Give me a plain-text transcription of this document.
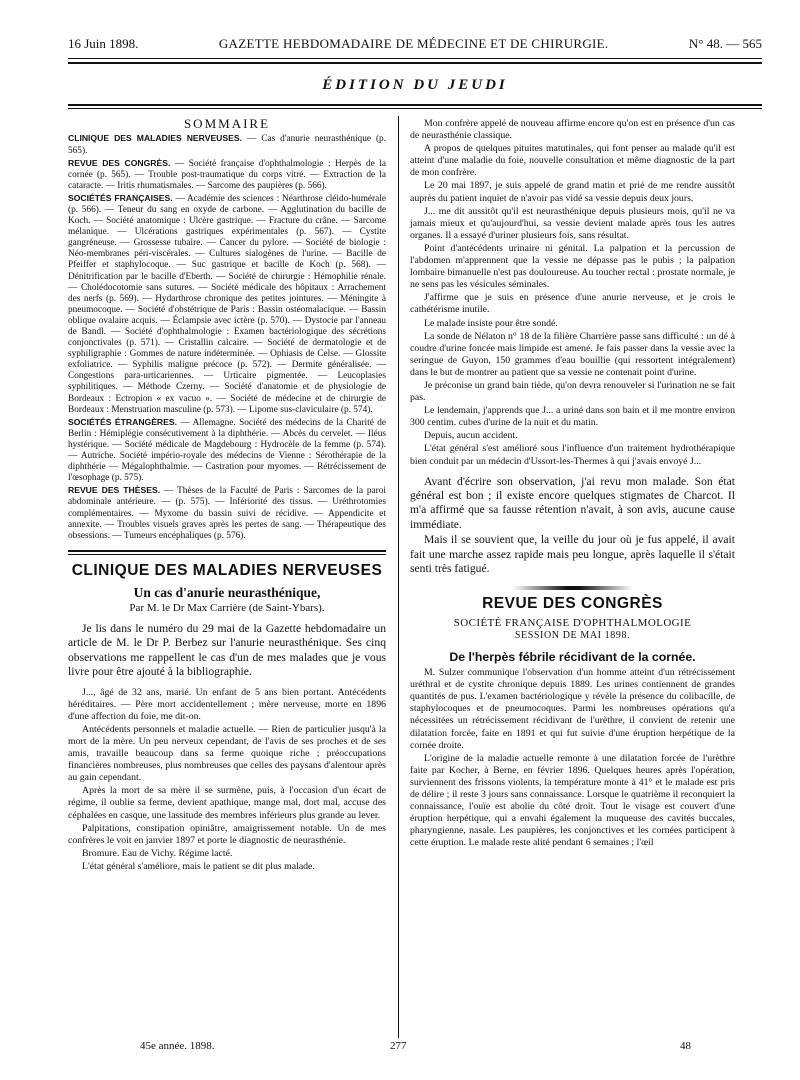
16 Juin 1898.	GAZETTE HEBDOMADAIRE DE MÉDECINE ET DE CHIRURGIE.	N° 48. — 565
ÉDITION DU JEUDI
SOMMAIRE
CLINIQUE DES MALADIES NERVEUSES. — Cas d'anurie neurasthénique (p. 565).
REVUE DES CONGRÈS. — Société française d'ophthalmologie : Herpès de la cornée (p. 565). — Trouble post-traumatique du corps vitré. — Extraction de la cataracte. — Iritis rhumatismales. — Sarcome des paupières (p. 566).
SOCIÉTÉS FRANÇAISES. — Académie des sciences : Néarthrose cléido-humérale (p. 566). — Teneur du sang en oxyde de carbone. — Agglutination du bacille de Koch. — Société anatomique : Ulcère gastrique. — Fracture du crâne. — Sarcome mélanique. — Ulcérations gastriques expérimentales (p. 567). — Cystite gangréneuse. — Grossesse tubaire. — Cancer du pylore. — Société de biologie : Néo-membranes péri-viscérales. — Cultures sialogènes de l'urine. — Bacille de Pfeiffer et staphylocoque. — Suc gastrique et bacille de Koch (p. 568). — Dénitrification par le bacille d'Eberth. — Société de chirurgie : Hémophilie rénale. — Cholédocotomie sans sutures. — Société médicale des hôpitaux : Arrachement des nerfs (p. 569). — Hydarthrose chronique des petites jointures. — Méningite à pneumocoque. — Société d'obstétrique de Paris : Bassin ostéomalacique. — Bassin oblique ovalaire acquis. — Éclampsie avec ictère (p. 570). — Dystocie par l'anneau de Bandl. — Société d'ophthalmologie : Examen bactériologique des sécrétions conjonctivales (p. 571). — Cristallin calcaire. — Société de dermatologie et de syphiligraphie : Gommes de nature indéterminée. — Ophiasis de Celse. — Glossite exfoliatrice. — Syphilis maligne précoce (p. 572). — Dermite généralisée. — Congestions para-urticariennes. — Urticaire pigmentée. — Leucoplasies syphilitiques. — Méthode Czerny. — Société d'anatomie et de physiologie de Bordeaux : Ectropion « ex vacuo ». — Société de médecine et de chirurgie de Bordeaux : Menstruation masculine (p. 573). — Lipome sus-claviculaire (p. 574).
SOCIÉTÉS ÉTRANGÈRES. — Allemagne. Société des médecins de la Charité de Berlin : Hémiplégie consécutivement à la diphthérie. — Abcès du cervelet. — Iléus hystérique. — Société médicale de Magdebourg : Hydrocèle de la femme (p. 574). — Autriche. Société império-royale des médecins de Vienne : Sérothérapie de la diphthérie — Mégalophthalmie. — Castration pour myomes. — Rétrécissement de l'œsophage (p. 575).
REVUE DES THÈSES. — Thèses de la Faculté de Paris : Sarcomes de la paroi abdominale antérieure. — (p. 575). — Infériorité des tissus. — Uréthrotomies complémentaires. — Myxome du bassin suivi de récidive. — Appendicite et annexite. — Troubles visuels graves après les pertes de sang. — Thérapeutique des obsessions. — Tumeurs encéphaliques (p. 576).
CLINIQUE DES MALADIES NERVEUSES
Un cas d'anurie neurasthénique,
Par M. le Dr Max Carrière (de Saint-Ybars).

Je lis dans le numéro du 29 mai de la Gazette hebdomadaire un article de M. le Dr P. Berbez sur l'anurie neurasthénique. Ses cinq observations me rappellent le cas d'un de mes malades que je vous livre pour être ajouté à la bibliographie.

J..., âgé de 32 ans, marié. Un enfant de 5 ans bien portant. Antécédents héréditaires. — Père mort accidentellement ; mère nerveuse, morte en 1896 d'une affection du foie, me dit-on.

Antécédents personnels et maladie actuelle. — Rien de particulier jusqu'à la mort de la mère. Un peu nerveux cependant, de l'avis de ses proches et de ses amis, travaille beaucoup dans sa ferme quoique riche ; préoccupations financières nombreuses, plus nombreuses que celles des paysans d'alentour après au gain cependant.

Après la mort de sa mère il se surmène, puis, à l'occasion d'un écart de régime, il oublie sa ferme, devient apathique, mange mal, dort mal, accuse des céphalées en casque, une lassitude des membres inférieurs plus grande au lever.

Palpitations, constipation opiniâtre, amaigrissement notable. Un de mes confrères le voit en janvier 1897 et porte le diagnostic de neurasthénie.

Bromure. Eau de Vichy. Régime lacté.

L'état général s'améliore, mais le patient se dit plus malade.

Mon confrère appelé de nouveau affirme encore qu'on est en présence d'un cas de neurasthénie classique.

A propos de quelques pituites matutinales, qui font penser au malade qu'il est atteint d'une maladie du foie, nouvelle consultation et même diagnostic de la part de mon confrère.

Le 20 mai 1897, je suis appelé de grand matin et prié de me rendre aussitôt auprès du patient inquiet de n'avoir pas vidé sa vessie depuis deux jours.

J... me dit aussitôt qu'il est neurasthénique depuis plusieurs mois, qu'il ne va jamais mieux et qu'aujourd'hui, sa vessie devient malade après tous les autres organes. Il a essayé d'uriner plusieurs fois, sans résultat.

Point d'antécédents urinaire ni génital. La palpation et la percussion de l'abdomen m'apprennent que la vessie ne dépasse pas le pubis ; la palpation lombaire bimanuelle n'est pas douloureuse. Au toucher rectal : prostate normale, je ne sens pas les vésicules séminales.

J'affirme que je suis en présence d'une anurie nerveuse, et je crois le cathétérisme inutile.

Le malade insiste pour être sondé.

La sonde de Nélaton n° 18 de la filière Charrière passe sans difficulté : un dé à coudre d'urine foncée mais limpide est amené. Je fais passer dans la vessie avec la seringue de Guyon, 150 grammes d'eau bouillie (qui ressortent intégralement) dans le but de montrer au patient que sa vessie ne contenait point d'urine.

Je préconise un grand bain tiède, qu'on devra renouveler si l'urination ne se fait pas.

Le lendemain, j'apprends que J... a uriné dans son bain et il me montre environ 300 centim. cubes d'urine de la nuit et du matin.

Depuis, aucun accident.

L'état général s'est amélioré sous l'influence d'un traitement hydrothérapique bien conduit par un médecin d'Ussort-les-Thermes à qui j'avais envoyé J...

Avant d'écrire son observation, j'ai revu mon malade. Son état général est bon ; il existe encore quelques stigmates de Charcot. Il m'a affirmé que sa fausse rétention n'avait, à son avis, aucune cause immédiate.

Mais il se souvient que, la veille du jour où je fus appelé, il avait fait une marche assez rapide mais peu longue, après laquelle il s'était senti très fatigué.

REVUE DES CONGRÈS
SOCIÉTÉ FRANÇAISE D'OPHTHALMOLOGIE
SESSION DE MAI 1898.
De l'herpès fébrile récidivant de la cornée.

M. Sulzer communique l'observation d'un homme atteint d'un rétrécissement uréthral et de cystite chronique depuis 1889. Les urines contiennent de grandes quantités de pus. L'examen bactériologique y révèle la présence du colibacille, de staphylocoques et de pneumocoques. Parmi les nombreuses opérations qu'a nécessitées un rétrécissement récidivant de l'urèthre, il convient de retenir une dilatation forcée, faite en 1891 et qui fut suivie d'une éruption herpétique de la cornée droite.

L'origine de la maladie actuelle remonte à une dilatation forcée de l'urèthre faite par Kocher, à Berne, en février 1896. Quelques heures après l'opération, surviennent des frissons violents, la température monte à 41° et le malade est pris de délire ; il reste 3 jours sans connaissance. Lorsque le quatrième il reconquiert la connaissance, l'ouïe est abolie du côté droit. Tout le visage est couvert d'une éruption herpétique, qui a envahi également la muqueuse des cavités buccales, pharyngienne, nasale. Les paupières, les conjonctives et les cornées participent à cette éruption. Le malade reste alité pendant 6 semaines ; l'œil

45e année. 1898.	277	48
